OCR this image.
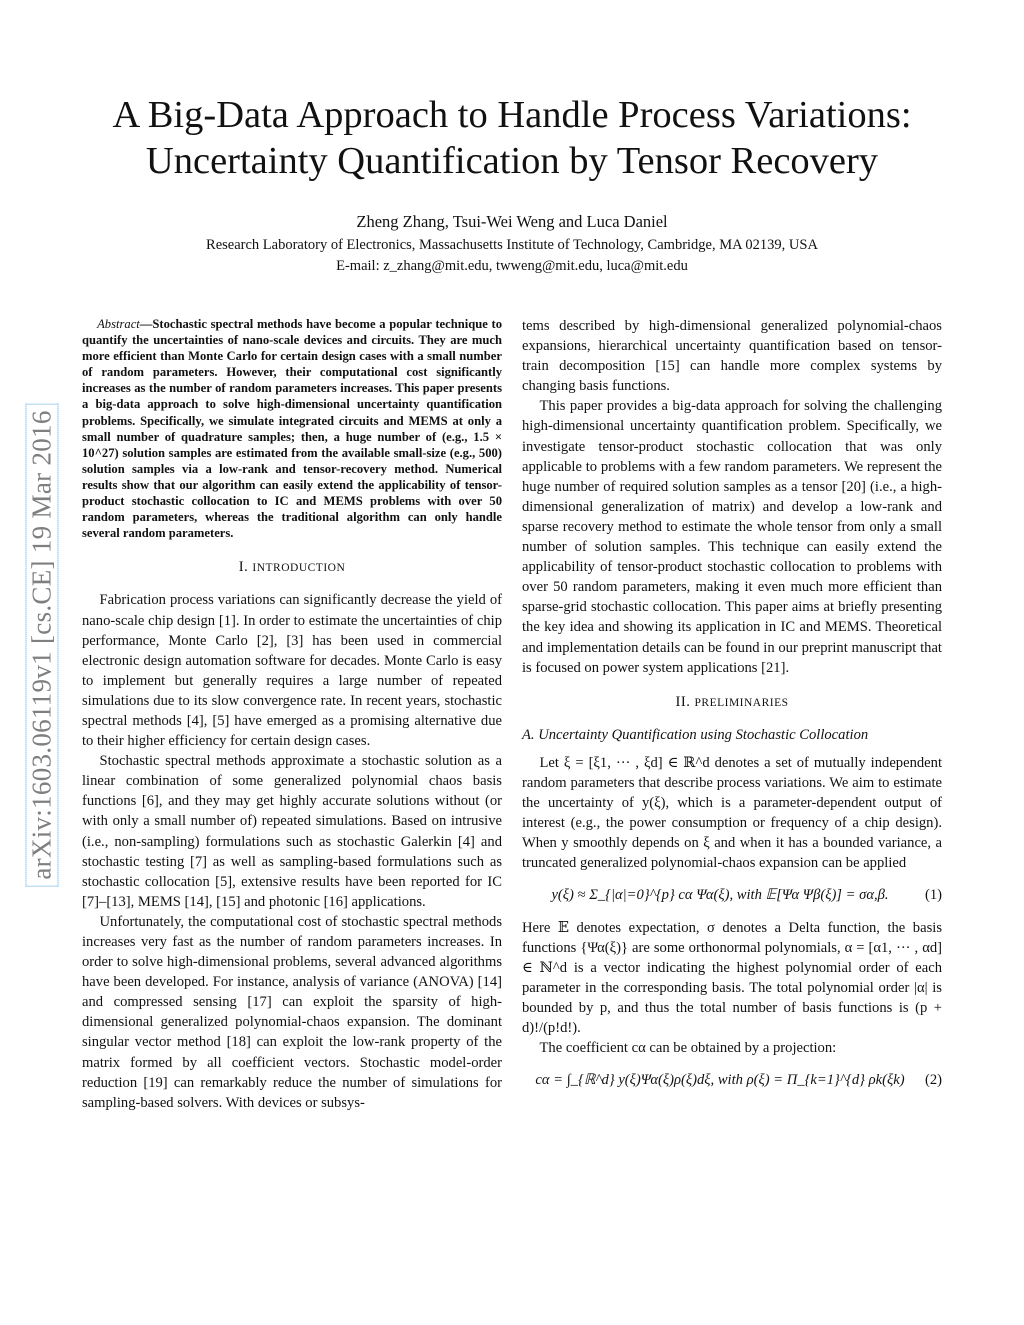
arXiv:1603.06119v1 [cs.CE] 19 Mar 2016
A Big-Data Approach to Handle Process Variations:
Uncertainty Quantification by Tensor Recovery
Zheng Zhang, Tsui-Wei Weng and Luca Daniel
Research Laboratory of Electronics, Massachusetts Institute of Technology, Cambridge, MA 02139, USA
E-mail: z_zhang@mit.edu, twweng@mit.edu, luca@mit.edu
Abstract—Stochastic spectral methods have become a popular technique to quantify the uncertainties of nano-scale devices and circuits. They are much more efficient than Monte Carlo for certain design cases with a small number of random parameters. However, their computational cost significantly increases as the number of random parameters increases. This paper presents a big-data approach to solve high-dimensional uncertainty quantification problems. Specifically, we simulate integrated circuits and MEMS at only a small number of quadrature samples; then, a huge number of (e.g., 1.5 × 10^27) solution samples are estimated from the available small-size (e.g., 500) solution samples via a low-rank and tensor-recovery method. Numerical results show that our algorithm can easily extend the applicability of tensor-product stochastic collocation to IC and MEMS problems with over 50 random parameters, whereas the traditional algorithm can only handle several random parameters.
I. INTRODUCTION

Fabrication process variations can significantly decrease the yield of nano-scale chip design [1]. In order to estimate the uncertainties of chip performance, Monte Carlo [2], [3] has been used in commercial electronic design automation software for decades. Monte Carlo is easy to implement but generally requires a large number of repeated simulations due to its slow convergence rate. In recent years, stochastic spectral methods [4], [5] have emerged as a promising alternative due to their higher efficiency for certain design cases.

Stochastic spectral methods approximate a stochastic solution as a linear combination of some generalized polynomial chaos basis functions [6], and they may get highly accurate solutions without (or with only a small number of) repeated simulations. Based on intrusive (i.e., non-sampling) formulations such as stochastic Galerkin [4] and stochastic testing [7] as well as sampling-based formulations such as stochastic collocation [5], extensive results have been reported for IC [7]–[13], MEMS [14], [15] and photonic [16] applications.

Unfortunately, the computational cost of stochastic spectral methods increases very fast as the number of random parameters increases. In order to solve high-dimensional problems, several advanced algorithms have been developed. For instance, analysis of variance (ANOVA) [14] and compressed sensing [17] can exploit the sparsity of high-dimensional generalized polynomial-chaos expansion. The dominant singular vector method [18] can exploit the low-rank property of the matrix formed by all coefficient vectors. Stochastic model-order reduction [19] can remarkably reduce the number of simulations for sampling-based solvers. With devices or subsys-

tems described by high-dimensional generalized polynomial-chaos expansions, hierarchical uncertainty quantification based on tensor-train decomposition [15] can handle more complex systems by changing basis functions.

This paper provides a big-data approach for solving the challenging high-dimensional uncertainty quantification problem. Specifically, we investigate tensor-product stochastic collocation that was only applicable to problems with a few random parameters. We represent the huge number of required solution samples as a tensor [20] (i.e., a high-dimensional generalization of matrix) and develop a low-rank and sparse recovery method to estimate the whole tensor from only a small number of solution samples. This technique can easily extend the applicability of tensor-product stochastic collocation to problems with over 50 random parameters, making it even much more efficient than sparse-grid stochastic collocation. This paper aims at briefly presenting the key idea and showing its application in IC and MEMS. Theoretical and implementation details can be found in our preprint manuscript that is focused on power system applications [21].

II. PRELIMINARIES
A. Uncertainty Quantification using Stochastic Collocation

Let ξ = [ξ1, ··· , ξd] ∈ ℝ^d denotes a set of mutually independent random parameters that describe process variations. We aim to estimate the uncertainty of y(ξ), which is a parameter-dependent output of interest (e.g., the power consumption or frequency of a chip design). When y smoothly depends on ξ and when it has a bounded variance, a truncated generalized polynomial-chaos expansion can be applied

y(ξ) ≈ Σ_{|α|=0}^{p} cα Ψα(ξ), with 𝔼[Ψα Ψβ(ξ)] = σα,β.	(1)

Here 𝔼 denotes expectation, σ denotes a Delta function, the basis functions {Ψα(ξ)} are some orthonormal polynomials, α = [α1, ··· , αd] ∈ ℕ^d is a vector indicating the highest polynomial order of each parameter in the corresponding basis. The total polynomial order |α| is bounded by p, and thus the total number of basis functions is (p + d)!/(p!d!).

The coefficient cα can be obtained by a projection:

cα = ∫_{ℝ^d} y(ξ)Ψα(ξ)ρ(ξ)dξ, with ρ(ξ) = Π_{k=1}^{d} ρk(ξk)	(2)
